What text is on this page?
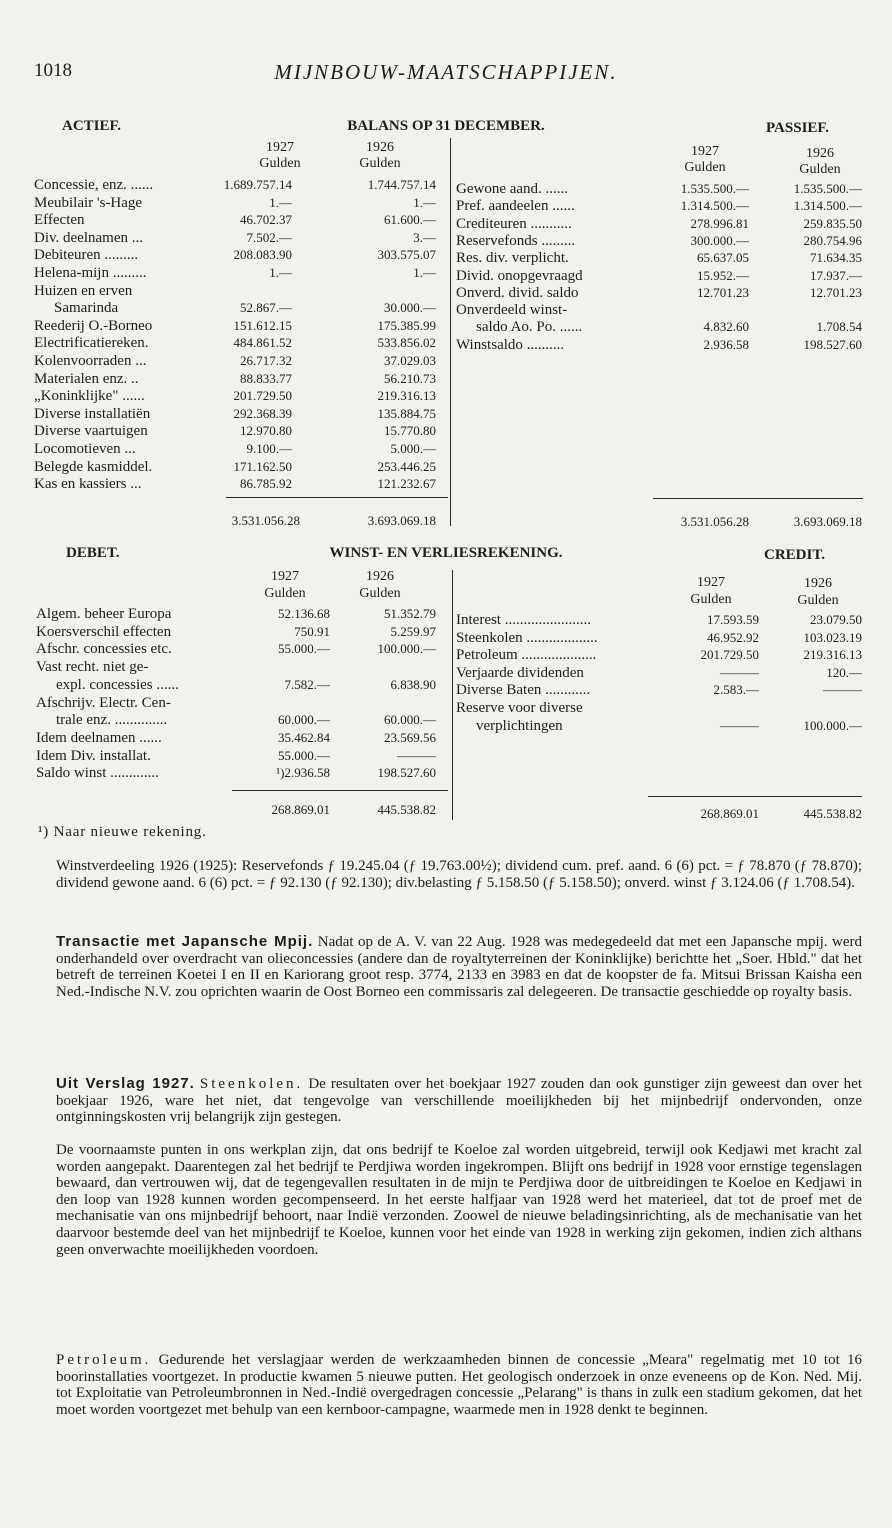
1018	MIJNBOUW-MAATSCHAPPIJEN.
ACTIEF.	BALANS OP 31 DECEMBER.	PASSIEF.
1927	1926
Gulden	Gulden
1927	1926
Gulden	Gulden
Concessie, enz. ......	1.689.757.14	1.744.757.14
Meubilair 's-Hage	1.—	1.—
Effecten	46.702.37	61.600.—
Div. deelnamen ...	7.502.—	3.—
Debiteuren .........	208.083.90	303.575.07
Helena-mijn .........	1.—	1.—
Huizen en erven
Samarinda	52.867.—	30.000.—
Reederij O.-Borneo	151.612.15	175.385.99
Electrificatiereken.	484.861.52	533.856.02
Kolenvoorraden ...	26.717.32	37.029.03
Materialen enz. ..	88.833.77	56.210.73
„Koninklijke" ......	201.729.50	219.316.13
Diverse installatiën	292.368.39	135.884.75
Diverse vaartuigen	12.970.80	15.770.80
Locomotieven ...	9.100.—	5.000.—
Belegde kasmiddel.	171.162.50	253.446.25
Kas en kassiers ...	86.785.92	121.232.67
Gewone aand. ......	1.535.500.—	1.535.500.—
Pref. aandeelen ......	1.314.500.—	1.314.500.—
Crediteuren ...........	278.996.81	259.835.50
Reservefonds .........	300.000.—	280.754.96
Res. div. verplicht.	65.637.05	71.634.35
Divid. onopgevraagd	15.952.—	17.937.—
Onverd. divid. saldo	12.701.23	12.701.23
Onverdeeld winst-
saldo Ao. Po. ......	4.832.60	1.708.54
Winstsaldo ..........	2.936.58	198.527.60
3.531.056.28	3.693.069.18	3.531.056.28	3.693.069.18
DEBET.	WINST- EN VERLIESREKENING.	CREDIT.
1927	1926
Gulden	Gulden
1927	1926
Gulden	Gulden
Algem. beheer Europa	52.136.68	51.352.79
Koersverschil effecten	750.91	5.259.97
Afschr. concessies etc.	55.000.—	100.000.—
Vast recht. niet ge-
expl. concessies ......	7.582.—	6.838.90
Afschrijv. Electr. Cen-
trale enz. ..............	60.000.—	60.000.—
Idem deelnamen ......	35.462.84	23.569.56
Idem Div. installat.	55.000.—	———
Saldo winst .............	¹)2.936.58	198.527.60
Interest .......................	17.593.59	23.079.50
Steenkolen ...................	46.952.92	103.023.19
Petroleum ....................	201.729.50	219.316.13
Verjaarde dividenden	———	120.—
Diverse Baten ............	2.583.—	———
Reserve voor diverse
verplichtingen	———	100.000.—
268.869.01	445.538.82	268.869.01	445.538.82
¹) Naar nieuwe rekening.

Winstverdeeling 1926 (1925): Reservefonds ƒ 19.245.04 (ƒ 19.763.00½); dividend cum. pref. aand. 6 (6) pct. = ƒ 78.870 (ƒ 78.870); dividend gewone aand. 6 (6) pct. = ƒ 92.130 (ƒ 92.130); div.belasting ƒ 5.158.50 (ƒ 5.158.50); onverd. winst ƒ 3.124.06 (ƒ 1.708.54).

Transactie met Japansche Mpij. Nadat op de A. V. van 22 Aug. 1928 was medegedeeld dat met een Japansche mpij. werd onderhandeld over overdracht van olieconcessies (andere dan de royaltyterreinen der Koninklijke) berichtte het „Soer. Hbld." dat het betreft de terreinen Koetei I en II en Kariorang groot resp. 3774, 2133 en 3983 en dat de koopster de fa. Mitsui Brissan Kaisha een Ned.-Indische N.V. zou oprichten waarin de Oost Borneo een commissaris zal delegeeren. De transactie geschiedde op royalty basis.

Uit Verslag 1927. Steenkolen. De resultaten over het boekjaar 1927 zouden dan ook gunstiger zijn geweest dan over het boekjaar 1926, ware het niet, dat tengevolge van verschillende moeilijkheden bij het mijnbedrijf ondervonden, onze ontginningskosten vrij belangrijk zijn gestegen.

De voornaamste punten in ons werkplan zijn, dat ons bedrijf te Koeloe zal worden uitgebreid, terwijl ook Kedjawi met kracht zal worden aangepakt. Daarentegen zal het bedrijf te Perdjiwa worden ingekrompen. Blijft ons bedrijf in 1928 voor ernstige tegenslagen bewaard, dan vertrouwen wij, dat de tegengevallen resultaten in de mijn te Perdjiwa door de uitbreidingen te Koeloe en Kedjawi in den loop van 1928 kunnen worden gecompenseerd. In het eerste halfjaar van 1928 werd het materieel, dat tot de proef met de mechanisatie van ons mijnbedrijf behoort, naar Indië verzonden. Zoowel de nieuwe beladingsinrichting, als de mechanisatie van het daarvoor bestemde deel van het mijnbedrijf te Koeloe, kunnen voor het einde van 1928 in werking zijn gekomen, indien zich althans geen onverwachte moeilijkheden voordoen.

Petroleum. Gedurende het verslagjaar werden de werkzaamheden binnen de concessie „Mearа" regelmatig met 10 tot 16 boorinstallaties voortgezet. In productie kwamen 5 nieuwe putten. Het geologisch onderzoek in onze eveneens op de Kon. Ned. Mij. tot Exploitatie van Petroleumbronnen in Ned.-Indië overgedragen concessie „Pelarang" is thans in zulk een stadium gekomen, dat het moet worden voortgezet met behulp van een kernboor-campagne, waarmede men in 1928 denkt te beginnen.
